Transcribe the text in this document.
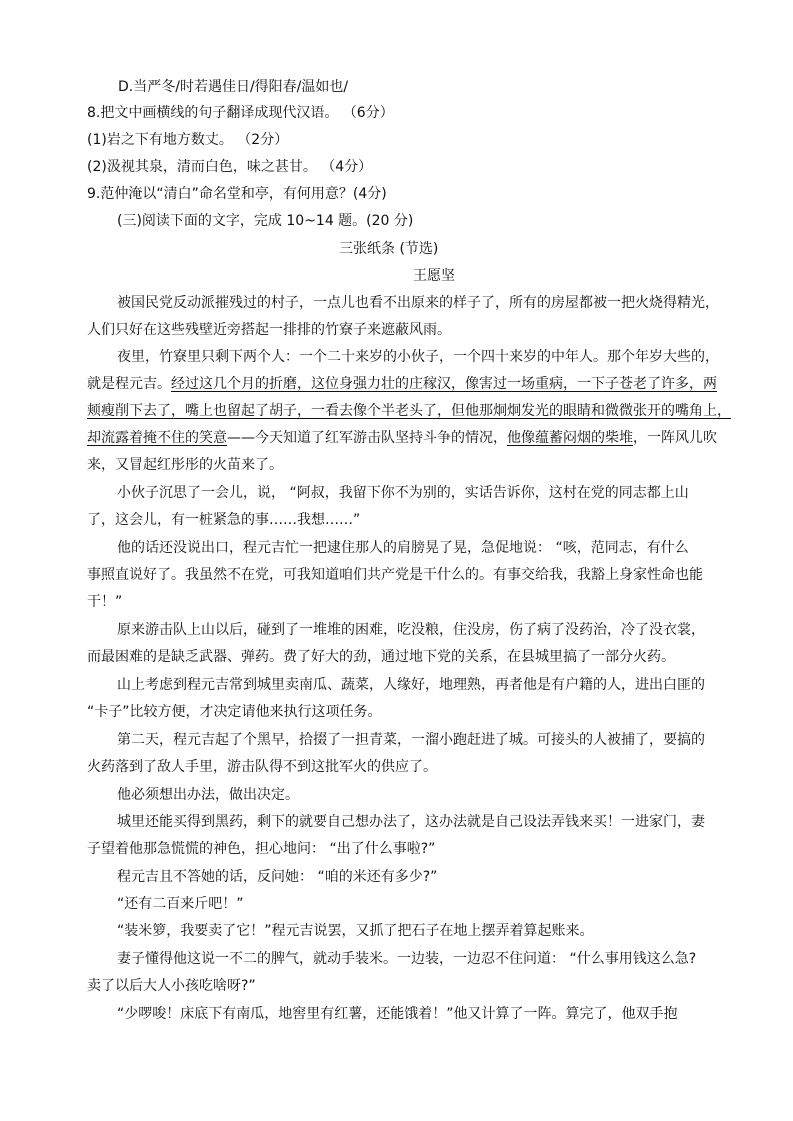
D.当严冬/时若遇佳日/得阳春/温如也/

8.把文中画横线的句子翻译成现代汉语。 （6分）

(1)岩之下有地方数丈。 （2分）

(2)汲视其泉，清而白色，味之甚甘。 （4分）

9.范仲淹以“清白”命名堂和亭，有何用意？(4分)

(三)阅读下面的文字，完成 10~14 题。(20 分)

三张纸条 (节选)

王愿坚

被国民党反动派摧残过的村子，一点儿也看不出原来的样子了，所有的房屋都被一把火烧得精光，

人们只好在这些残壁近旁搭起一排排的竹寮子来遮蔽风雨。

夜里，竹寮里只剩下两个人：一个二十来岁的小伙子，一个四十来岁的中年人。那个年岁大些的，

就是程元吉。经过这几个月的折磨，这位身强力壮的庄稼汉，像害过一场重病，一下子苍老了许多，两

颊瘦削下去了，嘴上也留起了胡子，一看去像个半老头了，但他那炯炯发光的眼睛和微微张开的嘴角上，

却流露着掩不住的笑意——今天知道了红军游击队坚持斗争的情况，他像蕴蓄闷烟的柴堆，一阵风儿吹

来，又冒起红彤彤的火苗来了。

小伙子沉思了一会儿，说， “阿叔，我留下你不为别的，实话告诉你，这村在党的同志都上山

了，这会儿，有一桩紧急的事……我想……”

他的话还没说出口，程元吉忙一把逮住那人的肩膀晃了晃，急促地说： “咳，范同志，有什么

事照直说好了。我虽然不在党，可我知道咱们共产党是干什么的。有事交给我，我豁上身家性命也能

干！”

原来游击队上山以后，碰到了一堆堆的困难，吃没粮，住没房，伤了病了没药治，冷了没衣裳，

而最困难的是缺乏武器、弹药。费了好大的劲，通过地下党的关系，在县城里搞了一部分火药。

山上考虑到程元吉常到城里卖南瓜、蔬菜，人缘好，地理熟，再者他是有户籍的人，进出白匪的

“卡子”比较方便，才决定请他来执行这项任务。

第二天，程元吉起了个黑早，拾掇了一担青菜，一溜小跑赶进了城。可接头的人被捕了，要搞的

火药落到了敌人手里，游击队得不到这批军火的供应了。

他必须想出办法，做出决定。

城里还能买得到黑药，剩下的就要自己想办法了，这办法就是自己设法弄钱来买！一进家门，妻

子望着他那急慌慌的神色，担心地问： “出了什么事啦?”

程元吉且不答她的话，反问她： “咱的米还有多少?”

“还有二百来斤吧！”

“装米箩，我要卖了它！”程元吉说罢，又抓了把石子在地上摆弄着算起账来。

妻子懂得他这说一不二的脾气，就动手装米。一边装，一边忍不住问道： “什么事用钱这么急?

卖了以后大人小孩吃啥呀?”

“少啰唆！床底下有南瓜，地窖里有红薯，还能饿着！”他又计算了一阵。算完了，他双手抱
